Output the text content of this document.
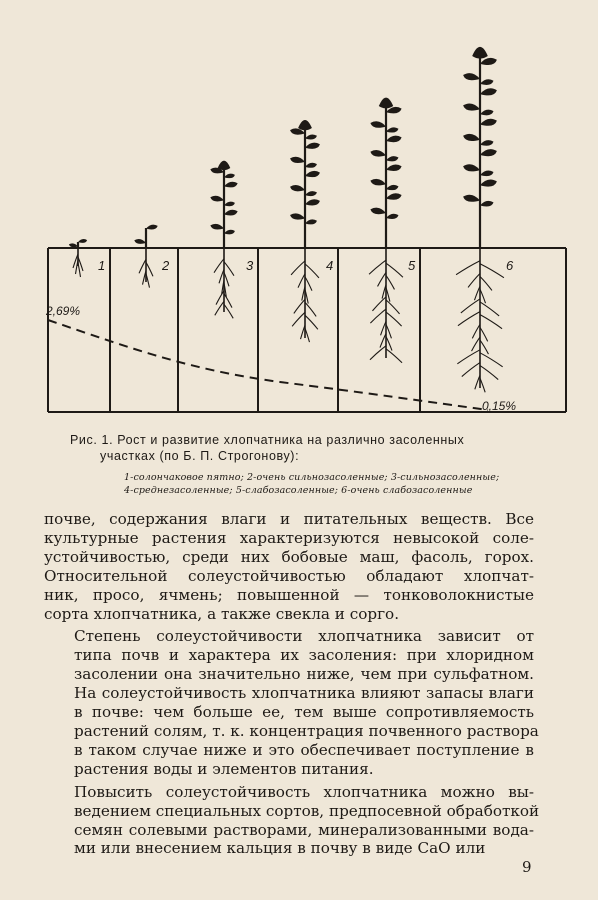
2,69%
0,15%
1	2	3	4	5	6
Рис. 1. Рост и развитие хлопчатника на различно засоленных
участках (по Б. П. Строгонову):
1-солончаковое пятно; 2-очень сильнозасоленные; 3-сильнозасоленные;
4-среднезасоленные; 5-слабозасоленные; 6-очень слабозасоленные

почве, содержания влаги и питательных веществ. Все
культурные растения характеризуются невысокой соле-
устойчивостью, среди них бобовые маш, фасоль, горох.
Относительной солеустойчивостью обладают хлопчат-
ник, просо, ячмень; повышенной — тонковолокнистые
сорта хлопчатника, а также свекла и сорго.

Степень солеустойчивости хлопчатника зависит от
типа почв и характера их засоления: при хлоридном
засолении она значительно ниже, чем при сульфатном.
На солеустойчивость хлопчатника влияют запасы влаги
в почве: чем больше ее, тем выше сопротивляемость
растений солям, т. к. концентрация почвенного раствора
в таком случае ниже и это обеспечивает поступление в
растения воды и элементов питания.

Повысить солеустойчивость хлопчатника можно вы-
ведением специальных сортов, предпосевной обработкой
семян солевыми растворами, минерализованными вода-
ми или внесением кальция в почву в виде CaO или

9
